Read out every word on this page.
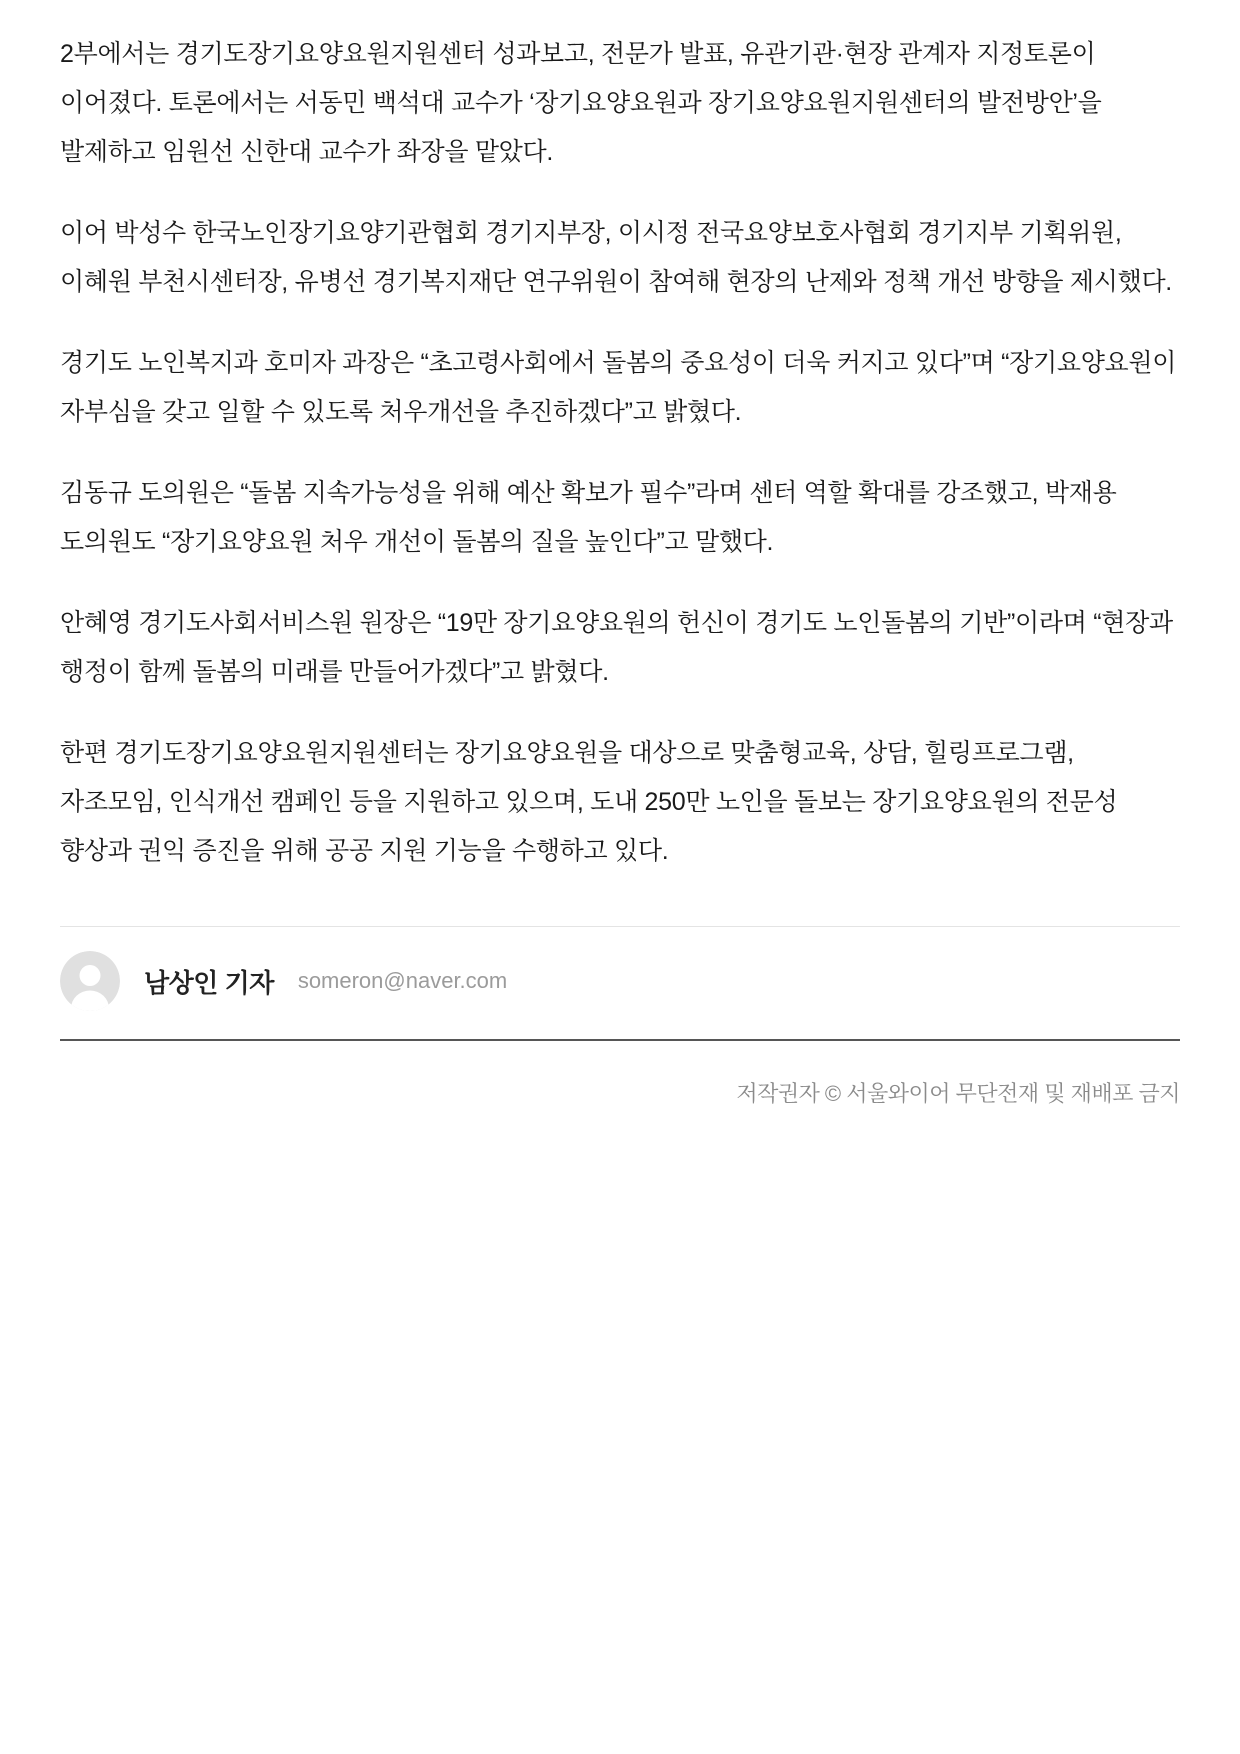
2부에서는 경기도장기요양요원지원센터 성과보고, 전문가 발표, 유관기관·현장 관계자 지정토론이 이어졌다. 토론에서는 서동민 백석대 교수가 ‘장기요양요원과 장기요양요원지원센터의 발전방안’을 발제하고 임원선 신한대 교수가 좌장을 맡았다.

이어 박성수 한국노인장기요양기관협회 경기지부장, 이시정 전국요양보호사협회 경기지부 기획위원, 이혜원 부천시센터장, 유병선 경기복지재단 연구위원이 참여해 현장의 난제와 정책 개선 방향을 제시했다.

경기도 노인복지과 호미자 과장은 “초고령사회에서 돌봄의 중요성이 더욱 커지고 있다”며 “장기요양요원이 자부심을 갖고 일할 수 있도록 처우개선을 추진하겠다”고 밝혔다.

김동규 도의원은 “돌봄 지속가능성을 위해 예산 확보가 필수”라며 센터 역할 확대를 강조했고, 박재용 도의원도 “장기요양요원 처우 개선이 돌봄의 질을 높인다”고 말했다.

안혜영 경기도사회서비스원 원장은 “19만 장기요양요원의 헌신이 경기도 노인돌봄의 기반”이라며 “현장과 행정이 함께 돌봄의 미래를 만들어가겠다”고 밝혔다.

한편 경기도장기요양요원지원센터는 장기요양요원을 대상으로 맞춤형교육, 상담, 힐링프로그램, 자조모임, 인식개선 캠페인 등을 지원하고 있으며, 도내 250만 노인을 돌보는 장기요양요원의 전문성 향상과 권익 증진을 위해 공공 지원 기능을 수행하고 있다.

남상인 기자 someron@naver.com
저작권자 © 서울와이어 무단전재 및 재배포 금지
